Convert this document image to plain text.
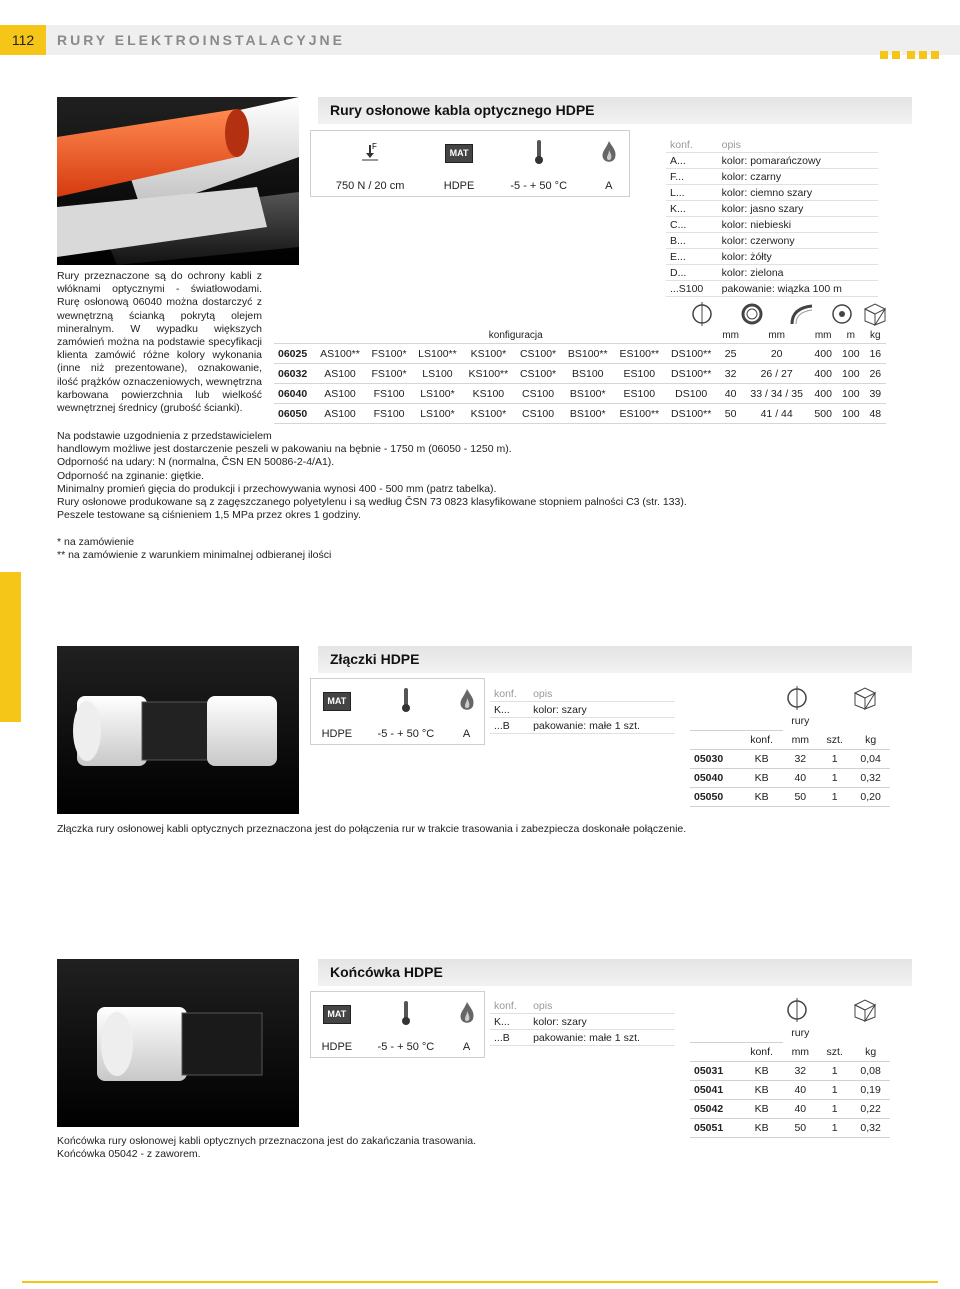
112	RURY ELEKTROINSTALACYJNE
Rury osłonowe kabla optycznego HDPE
F	MAT		
750 N / 20 cm	HDPE	-5 - + 50 °C	A
konf.	opis
A...	kolor: pomarańczowy
F...	kolor: czarny
L...	kolor: ciemno szary
K...	kolor: jasno szary
C...	kolor: niebieski
B...	kolor: czerwony
E...	kolor: żółty
D...	kolor: zielona
...S100	pakowanie: wiązka 100 m
Rury przeznaczone są do ochrony kabli z włóknami optycznymi - światłowodami. Rurę osłonową 06040 można dostarczyć z wewnętrzną ścianką pokrytą olejem mineralnym. W wypadku większych zamówień można na podstawie specyfikacji klienta zamówić różne kolory wykonania (inne niż prezentowane), oznakowanie, ilość prążków oznaczeniowych, wewnętrzna karbowana powierzchnia lub wielkość wewnętrznej średnicy (grubość ścianki).
	konfiguracja								mm	mm	mm	m	kg
06025	AS100**	FS100*	LS100**	KS100*	CS100*	BS100**	ES100**	DS100**	25	20	400	100	16
06032	AS100	FS100*	LS100	KS100**	CS100*	BS100	ES100	DS100**	32	26 / 27	400	100	26
06040	AS100	FS100	LS100*	KS100	CS100	BS100*	ES100	DS100	40	33 / 34 / 35	400	100	39
06050	AS100	FS100	LS100*	KS100*	CS100	BS100*	ES100**	DS100**	50	41 / 44	500	100	48
Na podstawie uzgodnienia z przedstawicielem
handlowym możliwe jest dostarczenie peszeli w pakowaniu na bębnie - 1750 m (06050 - 1250 m).
Odporność na udary: N (normalna, ČSN EN 50086-2-4/A1).
Odporność na zginanie: giętkie.
Minimalny promień gięcia do produkcji i przechowywania wynosi 400 - 500 mm (patrz tabelka).
Rury osłonowe produkowane są z zagęszczanego polyetylenu i są według ČSN 73 0823 klasyfikowane stopniem palności C3 (str. 133).
Peszele testowane są ciśnieniem 1,5 MPa przez okres 1 godziny.
* na zamówienie
** na zamówienie z warunkiem minimalnej odbieranej ilości
Złączki HDPE
MAT		
HDPE	-5 - + 50 °C	A
konf.	opis
K...	kolor: szary
...B	pakowanie: małe 1 szt.
			rury		
	konf.	mm	szt.	kg
05030	KB	32	1	0,04
05040	KB	40	1	0,32
05050	KB	50	1	0,20
Złączka rury osłonowej kabli optycznych przeznaczona jest do połączenia rur w trakcie trasowania i zabezpiecza doskonałe połączenie.
Końcówka HDPE
MAT		
HDPE	-5 - + 50 °C	A
konf.	opis
K...	kolor: szary
...B	pakowanie: małe 1 szt.
			rury		
	konf.	mm	szt.	kg
05031	KB	32	1	0,08
05041	KB	40	1	0,19
05042	KB	40	1	0,22
05051	KB	50	1	0,32
Końcówka rury osłonowej kabli optycznych przeznaczona jest do zakańczania trasowania.
Końcówka 05042 - z zaworem.
